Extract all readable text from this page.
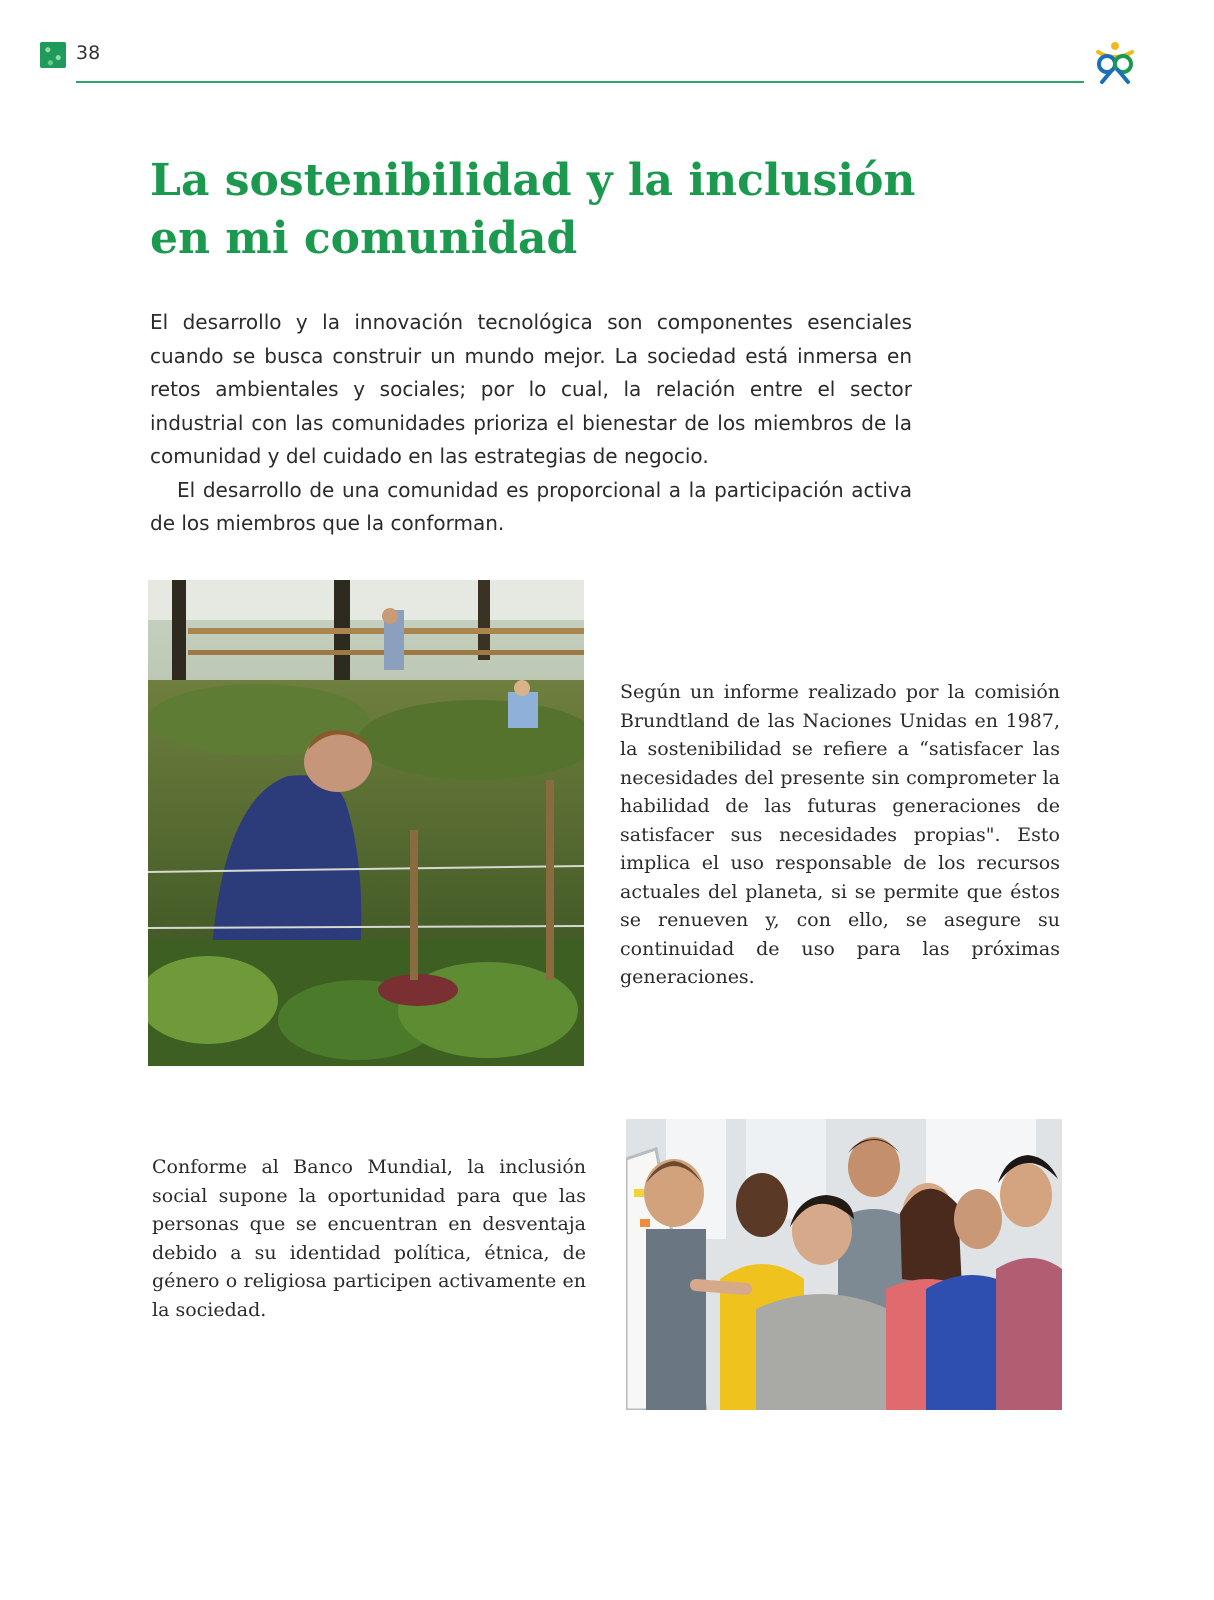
38
La sostenibilidad y la inclusión
en mi comunidad

El desarrollo y la innovación tecnológica son componentes esenciales cuando se busca construir un mundo mejor. La sociedad está inmersa en retos ambientales y sociales; por lo cual, la relación entre el sector industrial con las comunidades prioriza el bienestar de los miembros de la comunidad y del cuidado en las estrategias de negocio.

El desarrollo de una comunidad es proporcional a la participación activa de los miembros que la conforman.

Según un informe realizado por la comisión Brundtland de las Naciones Unidas en 1987, la sostenibilidad se refiere a “satisfacer las necesidades del presente sin comprometer la habilidad de las futuras generaciones de satisfacer sus necesidades propias". Esto implica el uso responsable de los recursos actuales del planeta, si se permite que éstos se renueven y, con ello, se asegure su continuidad de uso para las próximas generaciones.

Conforme al Banco Mundial, la inclusión social supone la oportunidad para que las personas que se encuentran en desventaja debido a su identidad política, étnica, de género o religiosa participen activamente en la sociedad.
